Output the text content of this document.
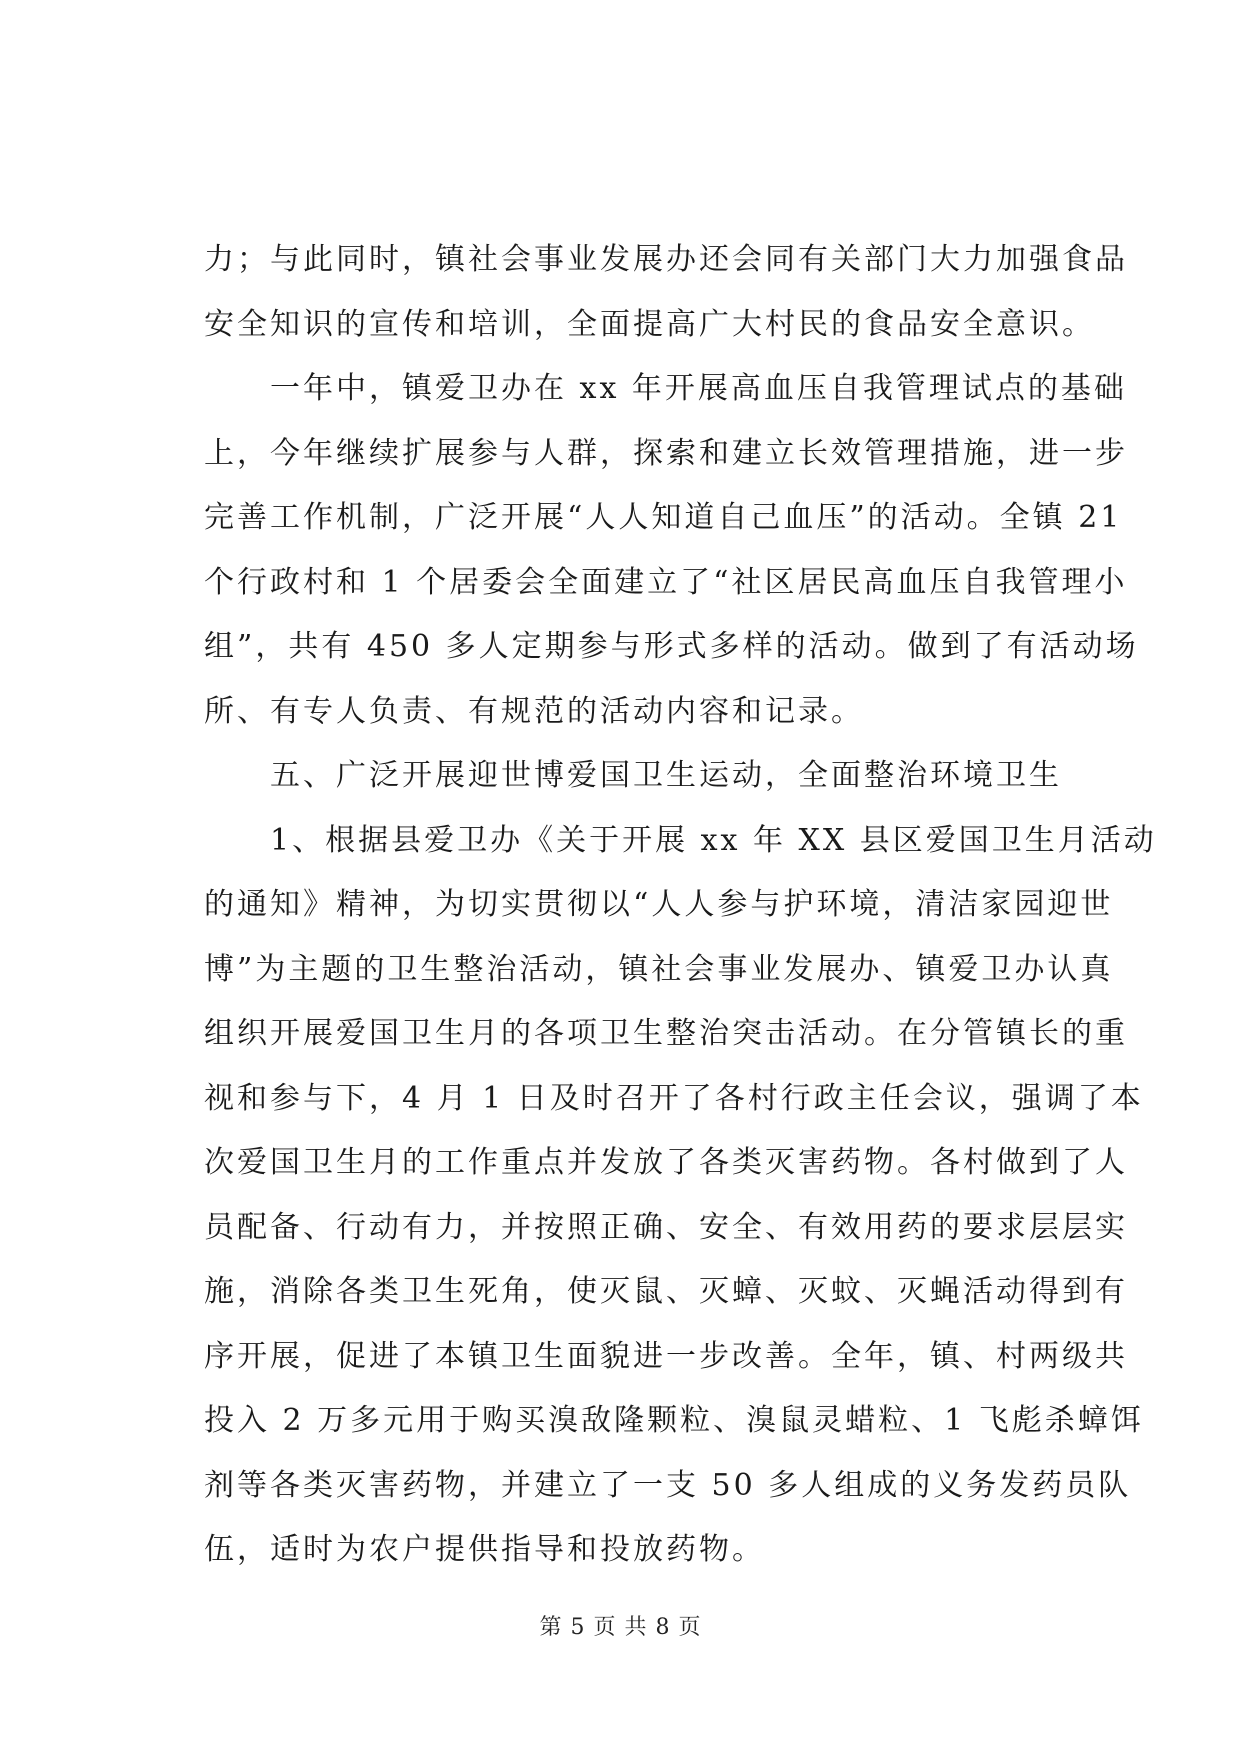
力；与此同时，镇社会事业发展办还会同有关部门大力加强食品
安全知识的宣传和培训，全面提高广大村民的食品安全意识。
一年中，镇爱卫办在 xx 年开展高血压自我管理试点的基础
上，今年继续扩展参与人群，探索和建立长效管理措施，进一步
完善工作机制，广泛开展“人人知道自己血压”的活动。全镇 21
个行政村和 1 个居委会全面建立了“社区居民高血压自我管理小
组”，共有 450 多人定期参与形式多样的活动。做到了有活动场
所、有专人负责、有规范的活动内容和记录。
五、广泛开展迎世博爱国卫生运动，全面整治环境卫生
1、根据县爱卫办《关于开展 xx 年 XX 县区爱国卫生月活动
的通知》精神，为切实贯彻以“人人参与护环境，清洁家园迎世
博”为主题的卫生整治活动，镇社会事业发展办、镇爱卫办认真
组织开展爱国卫生月的各项卫生整治突击活动。在分管镇长的重
视和参与下，4 月 1 日及时召开了各村行政主任会议，强调了本
次爱国卫生月的工作重点并发放了各类灭害药物。各村做到了人
员配备、行动有力，并按照正确、安全、有效用药的要求层层实
施，消除各类卫生死角，使灭鼠、灭蟑、灭蚊、灭蝇活动得到有
序开展，促进了本镇卫生面貌进一步改善。全年，镇、村两级共
投入 2 万多元用于购买溴敌隆颗粒、溴鼠灵蜡粒、1 飞彪杀蟑饵
剂等各类灭害药物，并建立了一支 50 多人组成的义务发药员队
伍，适时为农户提供指导和投放药物。
第 5 页 共 8 页
